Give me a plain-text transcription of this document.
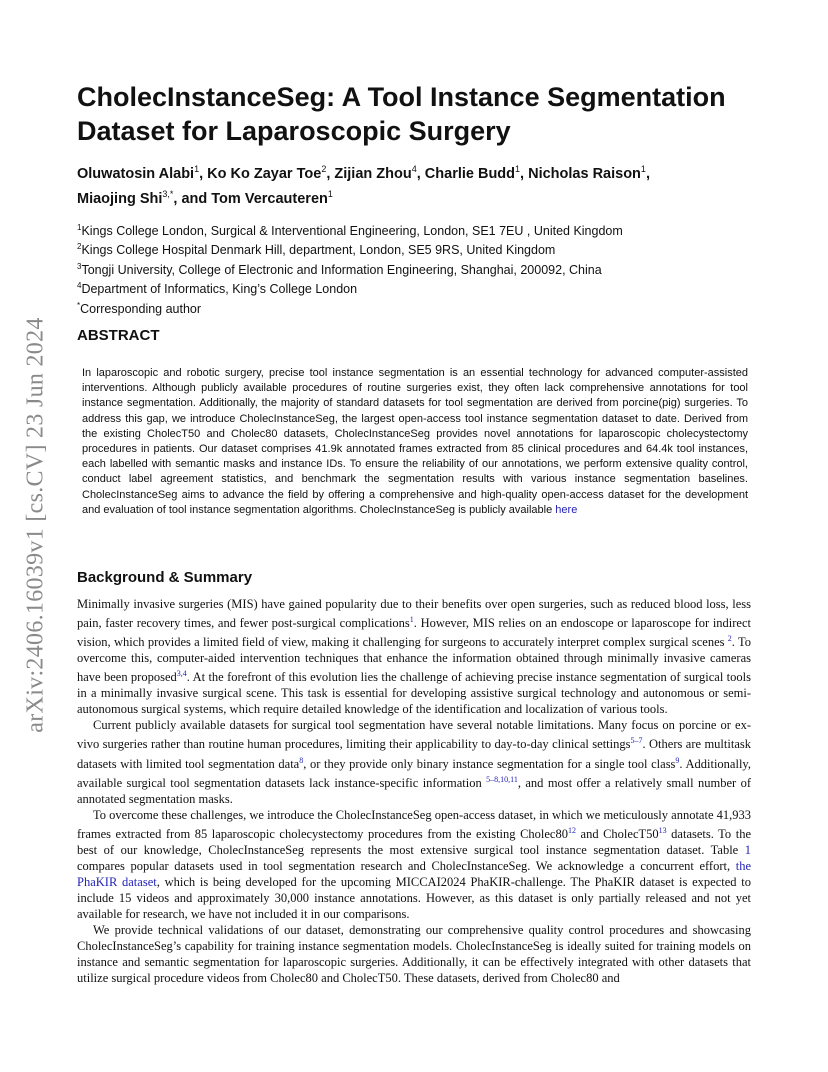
arXiv:2406.16039v1 [cs.CV] 23 Jun 2024
CholecInstanceSeg: A Tool Instance Segmentation Dataset for Laparoscopic Surgery
Oluwatosin Alabi$^1$, Ko Ko Zayar Toe$^2$, Zijian Zhou$^4$, Charlie Budd$^1$, Nicholas Raison$^1$,
Miaojing Shi$^{3,*}$, and Tom Vercauteren$^1$
$^1$Kings College London, Surgical & Interventional Engineering, London, SE1 7EU , United Kingdom
$^2$Kings College Hospital Denmark Hill, department, London, SE5 9RS, United Kingdom
$^3$Tongji University, College of Electronic and Information Engineering, Shanghai, 200092, China
$^4$Department of Informatics, King’s College London
*Corresponding author
ABSTRACT

In laparoscopic and robotic surgery, precise tool instance segmentation is an essential technology for advanced computer-assisted interventions. Although publicly available procedures of routine surgeries exist, they often lack comprehensive annotations for tool instance segmentation. Additionally, the majority of standard datasets for tool segmentation are derived from porcine(pig) surgeries. To address this gap, we introduce CholecInstanceSeg, the largest open-access tool instance segmentation dataset to date. Derived from the existing CholecT50 and Cholec80 datasets, CholecInstanceSeg provides novel annotations for laparoscopic cholecystectomy procedures in patients. Our dataset comprises 41.9k annotated frames extracted from 85 clinical procedures and 64.4k tool instances, each labelled with semantic masks and instance IDs. To ensure the reliability of our annotations, we perform extensive quality control, conduct label agreement statistics, and benchmark the segmentation results with various instance segmentation baselines. CholecInstanceSeg aims to advance the field by offering a comprehensive and high-quality open-access dataset for the development and evaluation of tool instance segmentation algorithms. CholecInstanceSeg is publicly available here

Background & Summary

Minimally invasive surgeries (MIS) have gained popularity due to their benefits over open surgeries, such as reduced blood loss, less pain, faster recovery times, and fewer post-surgical complications$^1$. However, MIS relies on an endoscope or laparoscope for indirect vision, which provides a limited field of view, making it challenging for surgeons to accurately interpret complex surgical scenes $^2$. To overcome this, computer-aided intervention techniques that enhance the information obtained through minimally invasive cameras have been proposed$^{3,4}$. At the forefront of this evolution lies the challenge of achieving precise instance segmentation of surgical tools in a minimally invasive surgical scene. This task is essential for developing assistive surgical technology and autonomous or semi-autonomous surgical systems, which require detailed knowledge of the identification and localization of various tools.

Current publicly available datasets for surgical tool segmentation have several notable limitations. Many focus on porcine or ex-vivo surgeries rather than routine human procedures, limiting their applicability to day-to-day clinical settings$^{5-7}$. Others are multitask datasets with limited tool segmentation data$^8$, or they provide only binary instance segmentation for a single tool class$^9$. Additionally, available surgical tool segmentation datasets lack instance-specific information $^{5-8,10,11}$, and most offer a relatively small number of annotated segmentation masks.

To overcome these challenges, we introduce the CholecInstanceSeg open-access dataset, in which we meticulously annotate 41,933 frames extracted from 85 laparoscopic cholecystectomy procedures from the existing $Cholec80^{12}$ and $CholecT50^{13}$ datasets. To the best of our knowledge, CholecInstanceSeg represents the most extensive surgical tool instance segmentation dataset. Table 1 compares popular datasets used in tool segmentation research and CholecInstanceSeg. We acknowledge a concurrent effort, the PhaKIR dataset, which is being developed for the upcoming MICCAI2024 PhaKIR-challenge. The PhaKIR dataset is expected to include 15 videos and approximately 30,000 instance annotations. However, as this dataset is only partially released and not yet available for research, we have not included it in our comparisons.

We provide technical validations of our dataset, demonstrating our comprehensive quality control procedures and showcasing CholecInstanceSeg’s capability for training instance segmentation models. CholecInstanceSeg is ideally suited for training models on instance and semantic segmentation for laparoscopic surgeries. Additionally, it can be effectively integrated with other datasets that utilize surgical procedure videos from Cholec80 and CholecT50. These datasets, derived from Cholec80 and
